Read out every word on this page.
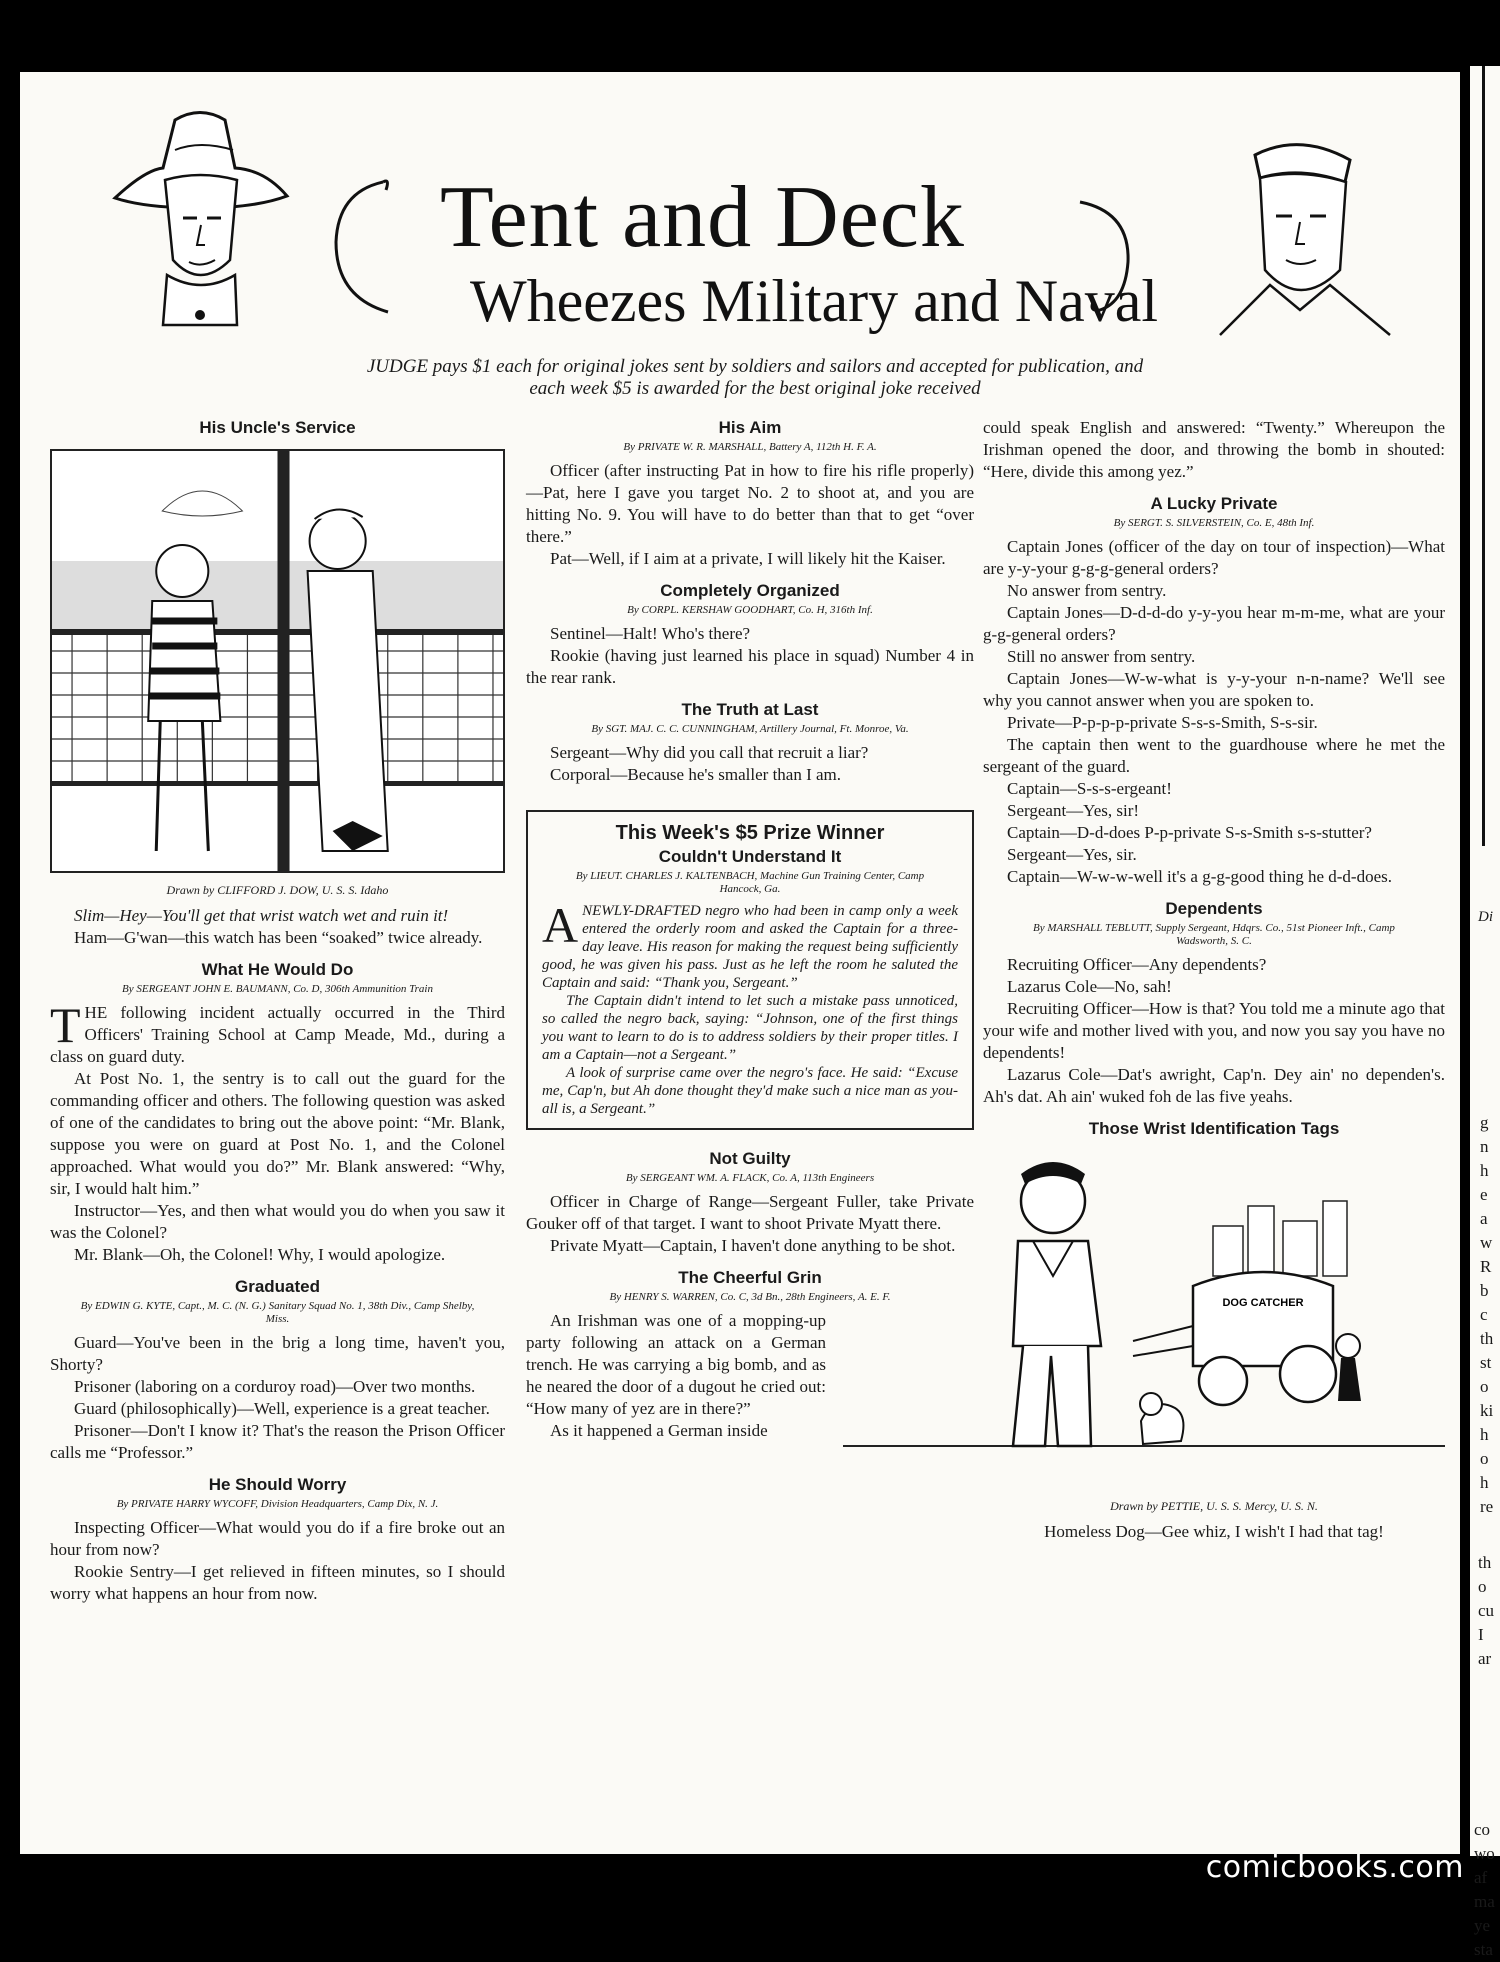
Tent and Deck
Wheezes Military and Naval
JUDGE pays $1 each for original jokes sent by soldiers and sailors and accepted for publication, and each week $5 is awarded for the best original joke received
His Uncle's Service
Drawn by CLIFFORD J. DOW, U. S. S. Idaho

Slim—Hey—You'll get that wrist watch wet and ruin it!

Ham—G'wan—this watch has been “soaked” twice already.

What He Would Do
By SERGEANT JOHN E. BAUMANN, Co. D, 306th Ammunition Train

THE following incident actually occurred in the Third Officers' Training School at Camp Meade, Md., during a class on guard duty.

At Post No. 1, the sentry is to call out the guard for the commanding officer and others. The following question was asked of one of the candidates to bring out the above point: “Mr. Blank, suppose you were on guard at Post No. 1, and the Colonel approached. What would you do?” Mr. Blank answered: “Why, sir, I would halt him.”

Instructor—Yes, and then what would you do when you saw it was the Colonel?

Mr. Blank—Oh, the Colonel! Why, I would apologize.

Graduated
By EDWIN G. KYTE, Capt., M. C. (N. G.) Sanitary Squad No. 1, 38th Div., Camp Shelby, Miss.

Guard—You've been in the brig a long time, haven't you, Shorty?

Prisoner (laboring on a corduroy road)—Over two months.

Guard (philosophically)—Well, experience is a great teacher.

Prisoner—Don't I know it? That's the reason the Prison Officer calls me “Professor.”

He Should Worry
By PRIVATE HARRY WYCOFF, Division Headquarters, Camp Dix, N. J.

Inspecting Officer—What would you do if a fire broke out an hour from now?

Rookie Sentry—I get relieved in fifteen minutes, so I should worry what happens an hour from now.

His Aim
By PRIVATE W. R. MARSHALL, Battery A, 112th H. F. A.

Officer (after instructing Pat in how to fire his rifle properly)—Pat, here I gave you target No. 2 to shoot at, and you are hitting No. 9. You will have to do better than that to get “over there.”

Pat—Well, if I aim at a private, I will likely hit the Kaiser.

Completely Organized
By CORPL. KERSHAW GOODHART, Co. H, 316th Inf.

Sentinel—Halt! Who's there?

Rookie (having just learned his place in squad) Number 4 in the rear rank.

The Truth at Last
By SGT. MAJ. C. C. CUNNINGHAM, Artillery Journal, Ft. Monroe, Va.

Sergeant—Why did you call that recruit a liar?

Corporal—Because he's smaller than I am.

This Week's $5 Prize Winner
Couldn't Understand It
By LIEUT. CHARLES J. KALTENBACH, Machine Gun Training Center, Camp Hancock, Ga.

ANEWLY-DRAFTED negro who had been in camp only a week entered the orderly room and asked the Captain for a three-day leave. His reason for making the request being sufficiently good, he was given his pass. Just as he left the room he saluted the Captain and said: “Thank you, Sergeant.”

The Captain didn't intend to let such a mistake pass unnoticed, so called the negro back, saying: “Johnson, one of the first things you want to learn to do is to address soldiers by their proper titles. I am a Captain—not a Sergeant.”

A look of surprise came over the negro's face. He said: “Excuse me, Cap'n, but Ah done thought they'd make such a nice man as you-all is, a Sergeant.”

Not Guilty
By SERGEANT WM. A. FLACK, Co. A, 113th Engineers

Officer in Charge of Range—Sergeant Fuller, take Private Gouker off of that target. I want to shoot Private Myatt there.

Private Myatt—Captain, I haven't done anything to be shot.

The Cheerful Grin
By HENRY S. WARREN, Co. C, 3d Bn., 28th Engineers, A. E. F.

An Irishman was one of a mopping-up party following an attack on a German trench. He was carrying a big bomb, and as he neared the door of a dugout he cried out: “How many of yez are in there?”

As it happened a German inside

could speak English and answered: “Twenty.” Whereupon the Irishman opened the door, and throwing the bomb in shouted: “Here, divide this among yez.”

A Lucky Private
By SERGT. S. SILVERSTEIN, Co. E, 48th Inf.

Captain Jones (officer of the day on tour of inspection)—What are y-y-your g-g-g-general orders?

No answer from sentry.

Captain Jones—D-d-d-do y-y-you hear m-m-me, what are your g-g-general orders?

Still no answer from sentry.

Captain Jones—W-w-what is y-y-your n-n-name? We'll see why you cannot answer when you are spoken to.

Private—P-p-p-p-private S-s-s-Smith, S-s-sir.

The captain then went to the guardhouse where he met the sergeant of the guard.

Captain—S-s-s-ergeant!

Sergeant—Yes, sir!

Captain—D-d-does P-p-private S-s-Smith s-s-stutter?

Sergeant—Yes, sir.

Captain—W-w-w-well it's a g-g-good thing he d-d-does.

Dependents
By MARSHALL TEBLUTT, Supply Sergeant, Hdqrs. Co., 51st Pioneer Inft., Camp Wadsworth, S. C.

Recruiting Officer—Any dependents?

Lazarus Cole—No, sah!

Recruiting Officer—How is that? You told me a minute ago that your wife and mother lived with you, and now you say you have no dependents!

Lazarus Cole—Dat's awright, Cap'n. Dey ain' no dependen's. Ah's dat. Ah ain' wuked foh de las five yeahs.

Those Wrist Identification Tags
DOG CATCHER
Drawn by PETTIE, U. S. S. Mercy, U. S. N.

Homeless Dog—Gee whiz, I wish't I had that tag!

Di
g
n
h
e
a
w
R
b
c
th
st
o
ki
h
o
h
re
th
o
cu
I
ar
co
wo
af
ma
ye
sta
comicbooks.com
